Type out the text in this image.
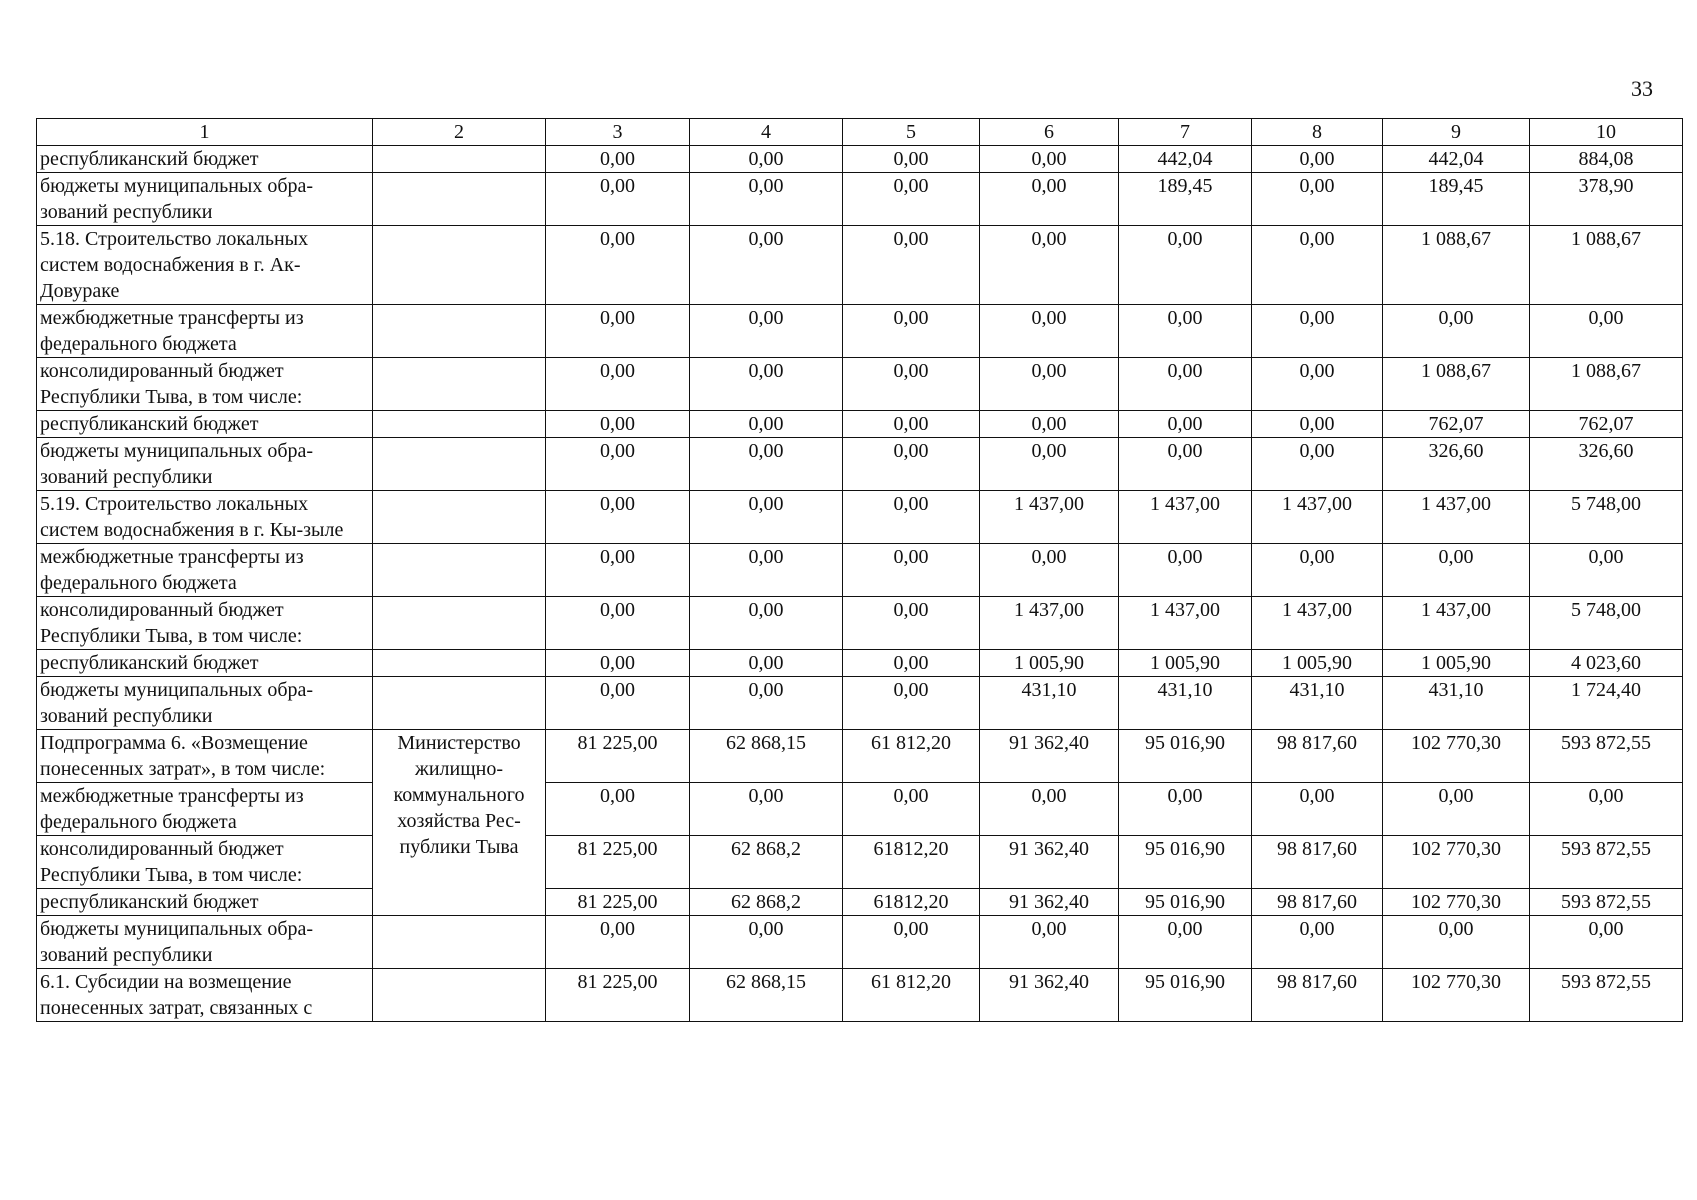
33
1	2	3	4	5	6	7	8	9	10
республиканский бюджет		0,00	0,00	0,00	0,00	442,04	0,00	442,04	884,08
бюджеты муниципальных обра-зований республики		0,00	0,00	0,00	0,00	189,45	0,00	189,45	378,90
5.18. Строительство локальных систем водоснабжения в г. Ак-Довураке		0,00	0,00	0,00	0,00	0,00	0,00	1 088,67	1 088,67
межбюджетные трансферты из федерального бюджета		0,00	0,00	0,00	0,00	0,00	0,00	0,00	0,00
консолидированный бюджет Республики Тыва, в том числе:		0,00	0,00	0,00	0,00	0,00	0,00	1 088,67	1 088,67
республиканский бюджет		0,00	0,00	0,00	0,00	0,00	0,00	762,07	762,07
бюджеты муниципальных обра-зований республики		0,00	0,00	0,00	0,00	0,00	0,00	326,60	326,60
5.19. Строительство локальных систем водоснабжения в г. Кы-зыле		0,00	0,00	0,00	1 437,00	1 437,00	1 437,00	1 437,00	5 748,00
межбюджетные трансферты из федерального бюджета		0,00	0,00	0,00	0,00	0,00	0,00	0,00	0,00
консолидированный бюджет Республики Тыва, в том числе:		0,00	0,00	0,00	1 437,00	1 437,00	1 437,00	1 437,00	5 748,00
республиканский бюджет		0,00	0,00	0,00	1 005,90	1 005,90	1 005,90	1 005,90	4 023,60
бюджеты муниципальных обра-зований республики		0,00	0,00	0,00	431,10	431,10	431,10	431,10	1 724,40
Подпрограмма 6. «Возмещение понесенных затрат», в том числе:	Министерство жилищно-коммунального хозяйства Рес-публики Тыва	81 225,00	62 868,15	61 812,20	91 362,40	95 016,90	98 817,60	102 770,30	593 872,55
межбюджетные трансферты из федерального бюджета		0,00	0,00	0,00	0,00	0,00	0,00	0,00	0,00
консолидированный бюджет Республики Тыва, в том числе:		81 225,00	62 868,2	61812,20	91 362,40	95 016,90	98 817,60	102 770,30	593 872,55
республиканский бюджет		81 225,00	62 868,2	61812,20	91 362,40	95 016,90	98 817,60	102 770,30	593 872,55
бюджеты муниципальных обра-зований республики		0,00	0,00	0,00	0,00	0,00	0,00	0,00	0,00
6.1. Субсидии на возмещение понесенных затрат, связанных с		81 225,00	62 868,15	61 812,20	91 362,40	95 016,90	98 817,60	102 770,30	593 872,55
